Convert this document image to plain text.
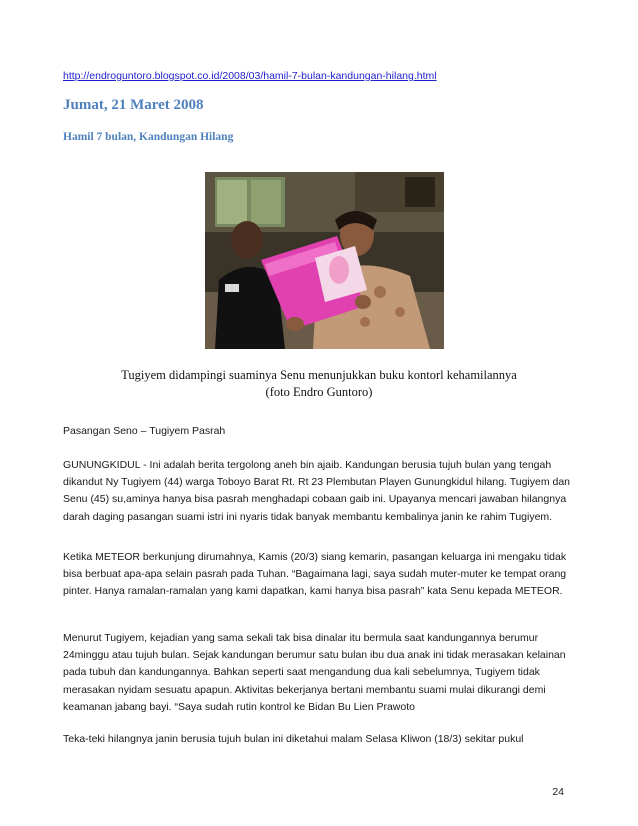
http://endroguntoro.blogspot.co.id/2008/03/hamil-7-bulan-kandungan-hilang.html
Jumat, 21 Maret 2008
Hamil 7 bulan, Kandungan Hilang
Tugiyem didampingi suaminya Senu menunjukkan buku kontorl kehamilannya
(foto Endro Guntoro)
Pasangan Seno – Tugiyem Pasrah

GUNUNGKIDUL - Ini adalah berita tergolong aneh bin ajaib. Kandungan berusia tujuh bulan yang tengah dikandut Ny Tugiyem (44) warga Toboyo Barat Rt. Rt 23 Plembutan Playen Gunungkidul hilang. Tugiyem dan Senu (45) su,aminya hanya bisa pasrah menghadapi cobaan gaib ini. Upayanya mencari jawaban hilangnya darah daging pasangan suami istri ini nyaris tidak banyak membantu kembalinya janin ke rahim Tugiyem.

Ketika METEOR berkunjung dirumahnya, Kamis (20/3) siang kemarin, pasangan keluarga ini mengaku tidak bisa berbuat apa-apa selain pasrah pada Tuhan. “Bagaimana lagi, saya sudah muter-muter ke tempat orang pinter. Hanya ramalan-ramalan yang kami dapatkan, kami hanya bisa pasrah” kata Senu kepada METEOR.

Menurut Tugiyem, kejadian yang sama sekali tak bisa dinalar itu bermula saat kandungannya berumur 24minggu atau tujuh bulan. Sejak kandungan berumur satu bulan ibu dua anak ini tidak merasakan kelainan pada tubuh dan kandungannya. Bahkan seperti saat mengandung dua kali sebelumnya, Tugiyem tidak merasakan nyidam sesuatu apapun. Aktivitas bekerjanya bertani membantu suami mulai dikurangi demi keamanan jabang bayi. “Saya sudah rutin kontrol ke Bidan Bu Lien Prawoto

Teka-teki hilangnya janin berusia tujuh bulan ini diketahui malam Selasa Kliwon (18/3) sekitar pukul

24
